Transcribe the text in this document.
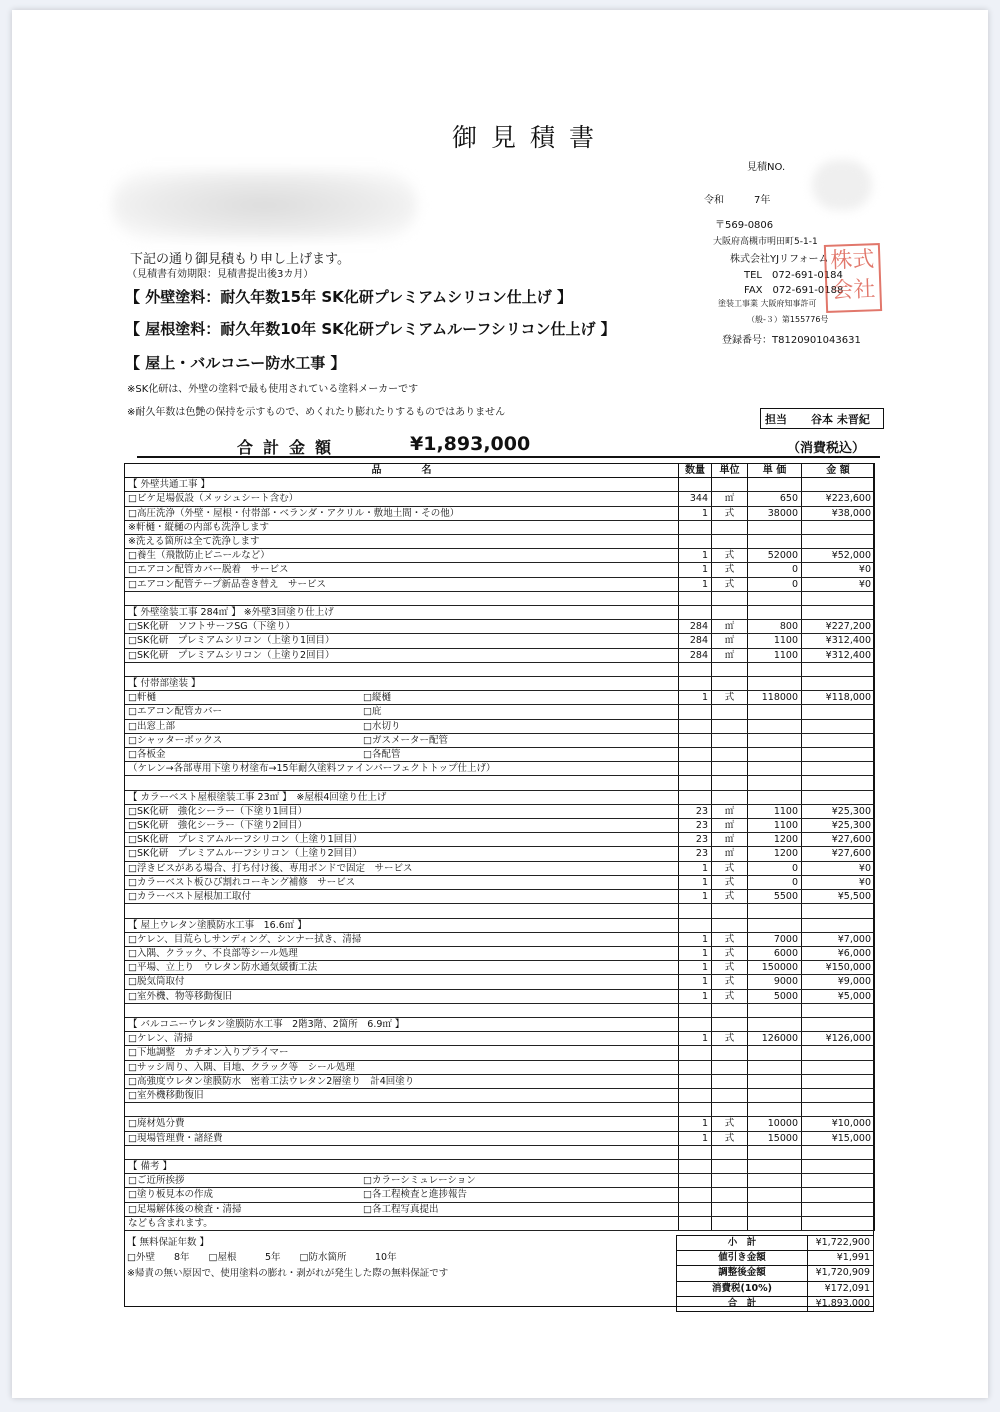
御見積書
見積NO.
令和	7年
〒569-0806
大阪府高槻市明田町5-1-1
株式会社YJリフォーム
TEL　072-691-0184
FAX　072-691-0188
塗装工事業 大阪府知事許可
（般-３）第155776号
登録番号：T8120901043631
株式
会社
下記の通り御見積もり申し上げます。
（見積書有効期限：見積書提出後3カ月）
【 外壁塗料：耐久年数15年 SK化研プレミアムシリコン仕上げ 】
【 屋根塗料：耐久年数10年 SK化研プレミアムルーフシリコン仕上げ 】
【 屋上・バルコニー防水工事 】
※SK化研は、外壁の塗料で最も使用されている塗料メーカーです
※耐久年数は色艶の保持を示すもので、めくれたり膨れたりするものではありません	担当 谷本 未晋紀
合計金額	¥1,893,000	（消費税込）
品　　　　名	数量	単位	単 価	金 額
【 外壁共通工事 】				
□ビケ足場仮設（メッシュシート含む）	344	㎡	650	¥223,600
□高圧洗浄（外壁・屋根・付帯部・ベランダ・アクリル・敷地土間・その他）	1	式	38000	¥38,000
※軒樋・縦樋の内部も洗浄します				
※洗える箇所は全て洗浄します				
□養生（飛散防止ビニールなど）	1	式	52000	¥52,000
□エアコン配管カバー脱着　サービス	1	式	0	¥0
□エアコン配管テープ新品巻き替え　サービス	1	式	0	¥0

【 外壁塗装工事 284㎡ 】 ※外壁3回塗り仕上げ				
□SK化研　ソフトサーフSG（下塗り）	284	㎡	800	¥227,200
□SK化研　プレミアムシリコン（上塗り1回目）	284	㎡	1100	¥312,400
□SK化研　プレミアムシリコン（上塗り2回目）	284	㎡	1100	¥312,400

【 付帯部塗装 】				
□軒樋 □縦樋	1	式	118000	¥118,000
□エアコン配管カバー □庇				
□出窓上部 □水切り				
□シャッターボックス □ガスメーター配管				
□各板金 □各配管				
（ケレン→各部専用下塗り材塗布→15年耐久塗料ファインパーフェクトトップ仕上げ）				

【 カラーベスト屋根塗装工事 23㎡ 】　※屋根4回塗り仕上げ				
□SK化研　強化シーラー（下塗り1回目）	23	㎡	1100	¥25,300
□SK化研　強化シーラー（下塗り2回目）	23	㎡	1100	¥25,300
□SK化研　プレミアムルーフシリコン（上塗り1回目）	23	㎡	1200	¥27,600
□SK化研　プレミアムルーフシリコン（上塗り2回目）	23	㎡	1200	¥27,600
□浮きビスがある場合、打ち付け後、専用ボンドで固定　サービス	1	式	0	¥0
□カラーベスト板ひび割れコーキング補修　サービス	1	式	0	¥0
□カラーベスト屋根加工取付	1	式	5500	¥5,500

【 屋上ウレタン塗膜防水工事　16.6㎡ 】				
□ケレン、目荒らしサンディング、シンナー拭き、清掃	1	式	7000	¥7,000
□入隅、クラック、不良部等シール処理	1	式	6000	¥6,000
□平場、立上り　ウレタン防水通気緩衝工法	1	式	150000	¥150,000
□脱気筒取付	1	式	9000	¥9,000
□室外機、物等移動復旧	1	式	5000	¥5,000

【 バルコニーウレタン塗膜防水工事　2階3階、2箇所　6.9㎡ 】				
□ケレン、清掃	1	式	126000	¥126,000
□下地調整　カチオン入りプライマー				
□サッシ周り、入隅、目地、クラック等　シール処理				
□高強度ウレタン塗膜防水　密着工法ウレタン2層塗り　計4回塗り				
□室外機移動復旧				

□廃材処分費	1	式	10000	¥10,000
□現場管理費・諸経費	1	式	15000	¥15,000

【 備考 】				
□ご近所挨拶 □カラーシミュレーション				
□塗り板見本の作成 □各工程検査と進捗報告				
□足場解体後の検査・清掃 □各工程写真提出				
なども含まれます。				
【 無料保証年数 】
□外壁　　8年　　□屋根　　　5年　　□防水箇所　　　10年
※帰責の無い原因で、使用塗料の膨れ・剥がれが発生した際の無料保証です
小　計	¥1,722,900
値引き金額	¥1,991
調整後金額	¥1,720,909
消費税(10%)	¥172,091
合　計	¥1,893,000
